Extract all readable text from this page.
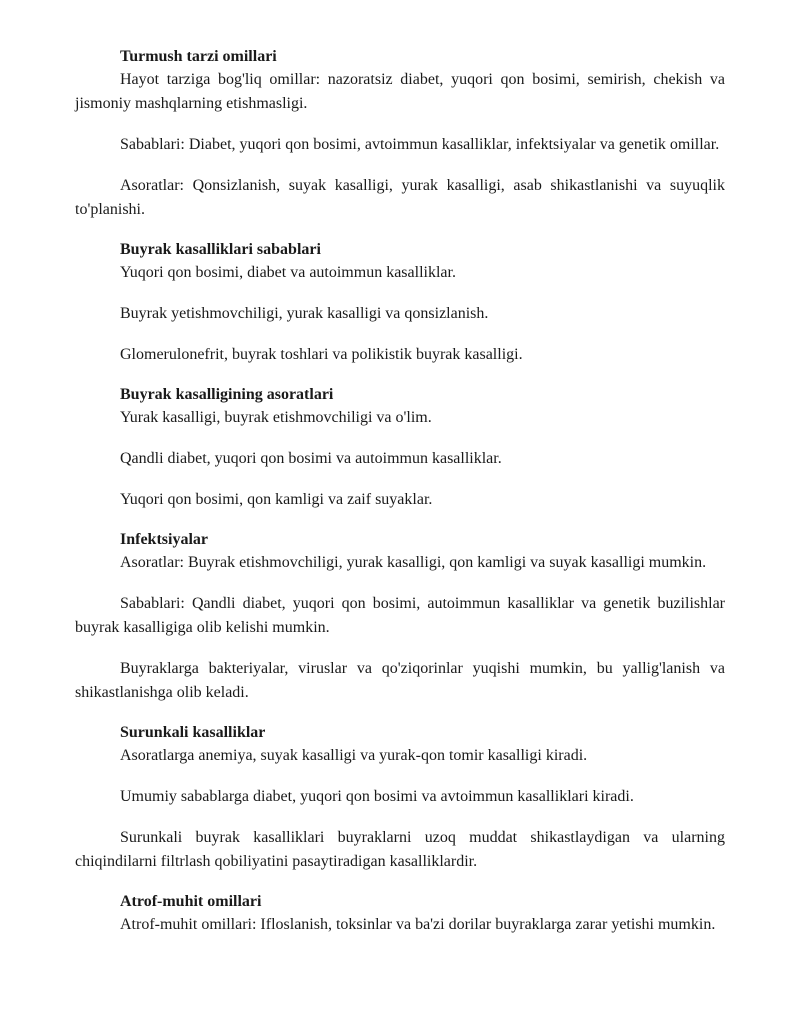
Turmush tarzi omillari

Hayot tarziga bog'liq omillar: nazoratsiz diabet, yuqori qon bosimi, semirish, chekish va jismoniy mashqlarning etishmasligi.

Sabablari: Diabet, yuqori qon bosimi, avtoimmun kasalliklar, infektsiyalar va genetik omillar.

Asoratlar: Qonsizlanish, suyak kasalligi, yurak kasalligi, asab shikastlanishi va suyuqlik to'planishi.

Buyrak kasalliklari sabablari

Yuqori qon bosimi, diabet va autoimmun kasalliklar.

Buyrak yetishmovchiligi, yurak kasalligi va qonsizlanish.

Glomerulonefrit, buyrak toshlari va polikistik buyrak kasalligi.

Buyrak kasalligining asoratlari

Yurak kasalligi, buyrak etishmovchiligi va o'lim.

Qandli diabet, yuqori qon bosimi va autoimmun kasalliklar.

Yuqori qon bosimi, qon kamligi va zaif suyaklar.

Infektsiyalar

Asoratlar: Buyrak etishmovchiligi, yurak kasalligi, qon kamligi va suyak kasalligi mumkin.

Sabablari: Qandli diabet, yuqori qon bosimi, autoimmun kasalliklar va genetik buzilishlar buyrak kasalligiga olib kelishi mumkin.

Buyraklarga bakteriyalar, viruslar va qo'ziqorinlar yuqishi mumkin, bu yallig'lanish va shikastlanishga olib keladi.

Surunkali kasalliklar

Asoratlarga anemiya, suyak kasalligi va yurak-qon tomir kasalligi kiradi.

Umumiy sabablarga diabet, yuqori qon bosimi va avtoimmun kasalliklari kiradi.

Surunkali buyrak kasalliklari buyraklarni uzoq muddat shikastlaydigan va ularning chiqindilarni filtrlash qobiliyatini pasaytiradigan kasalliklardir.

Atrof-muhit omillari

Atrof-muhit omillari: Ifloslanish, toksinlar va ba'zi dorilar buyraklarga zarar yetishi mumkin.
